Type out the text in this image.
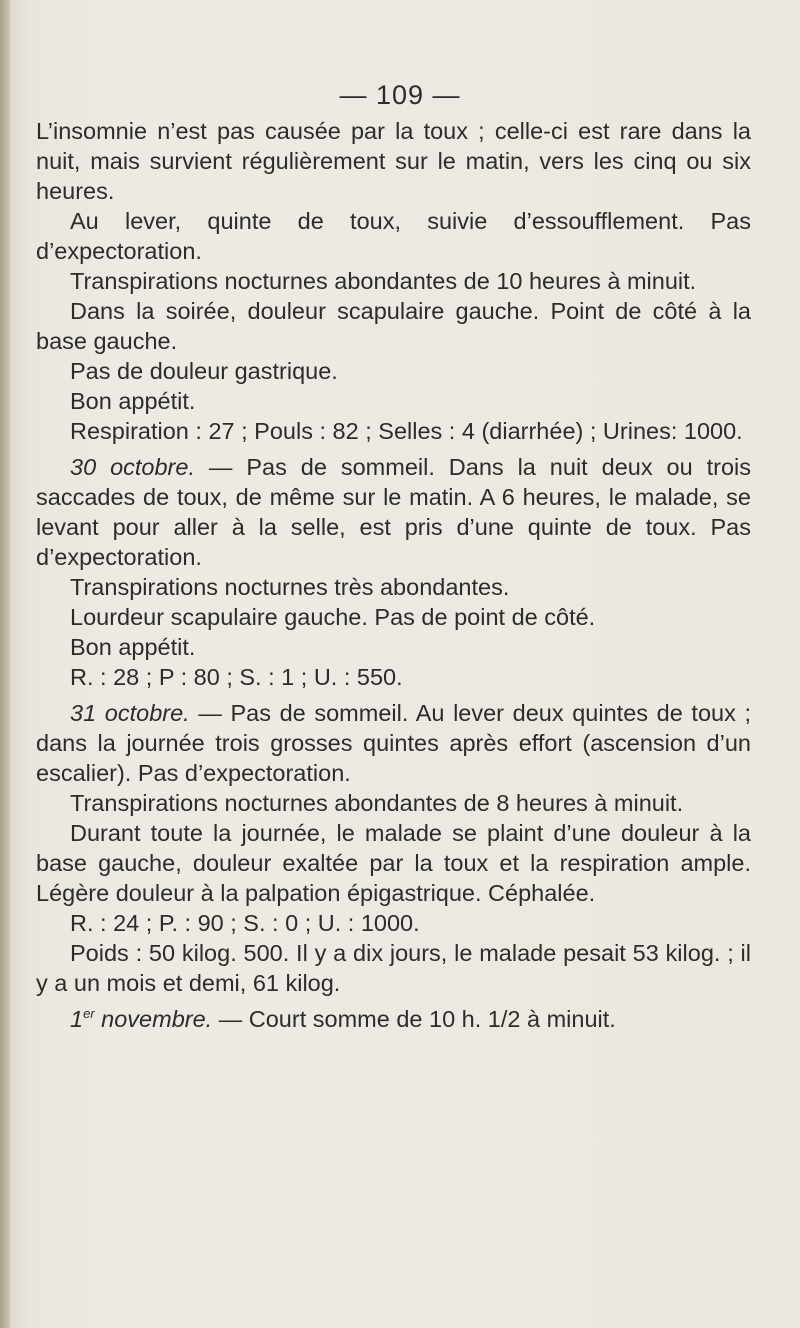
— 109 —

L’insomnie n’est pas causée par la toux ; celle-ci est rare dans la nuit, mais survient régulièrement sur le matin, vers les cinq ou six heures.

Au lever, quinte de toux, suivie d’essoufflement. Pas d’expectoration.

Transpirations nocturnes abondantes de 10 heures à minuit.

Dans la soirée, douleur scapulaire gauche. Point de côté à la base gauche.

Pas de douleur gastrique.

Bon appétit.

Respiration : 27 ; Pouls : 82 ; Selles : 4 (diarrhée) ; Urines: 1000.

30 octobre. — Pas de sommeil. Dans la nuit deux ou trois saccades de toux, de même sur le matin. A 6 heures, le malade, se levant pour aller à la selle, est pris d’une quinte de toux. Pas d’expectoration.

Transpirations nocturnes très abondantes.

Lourdeur scapulaire gauche. Pas de point de côté.

Bon appétit.

R. : 28 ; P : 80 ; S. : 1 ; U. : 550.

31 octobre. — Pas de sommeil. Au lever deux quintes de toux ; dans la journée trois grosses quintes après effort (ascension d’un escalier). Pas d’expectoration.

Transpirations nocturnes abondantes de 8 heures à minuit.

Durant toute la journée, le malade se plaint d’une douleur à la base gauche, douleur exaltée par la toux et la respiration ample. Légère douleur à la palpation épigastrique. Céphalée.

R. : 24 ; P. : 90 ; S. : 0 ; U. : 1000.

Poids : 50 kilog. 500. Il y a dix jours, le malade pesait 53 kilog. ; il y a un mois et demi, 61 kilog.

1er novembre. — Court somme de 10 h. 1/2 à minuit.
